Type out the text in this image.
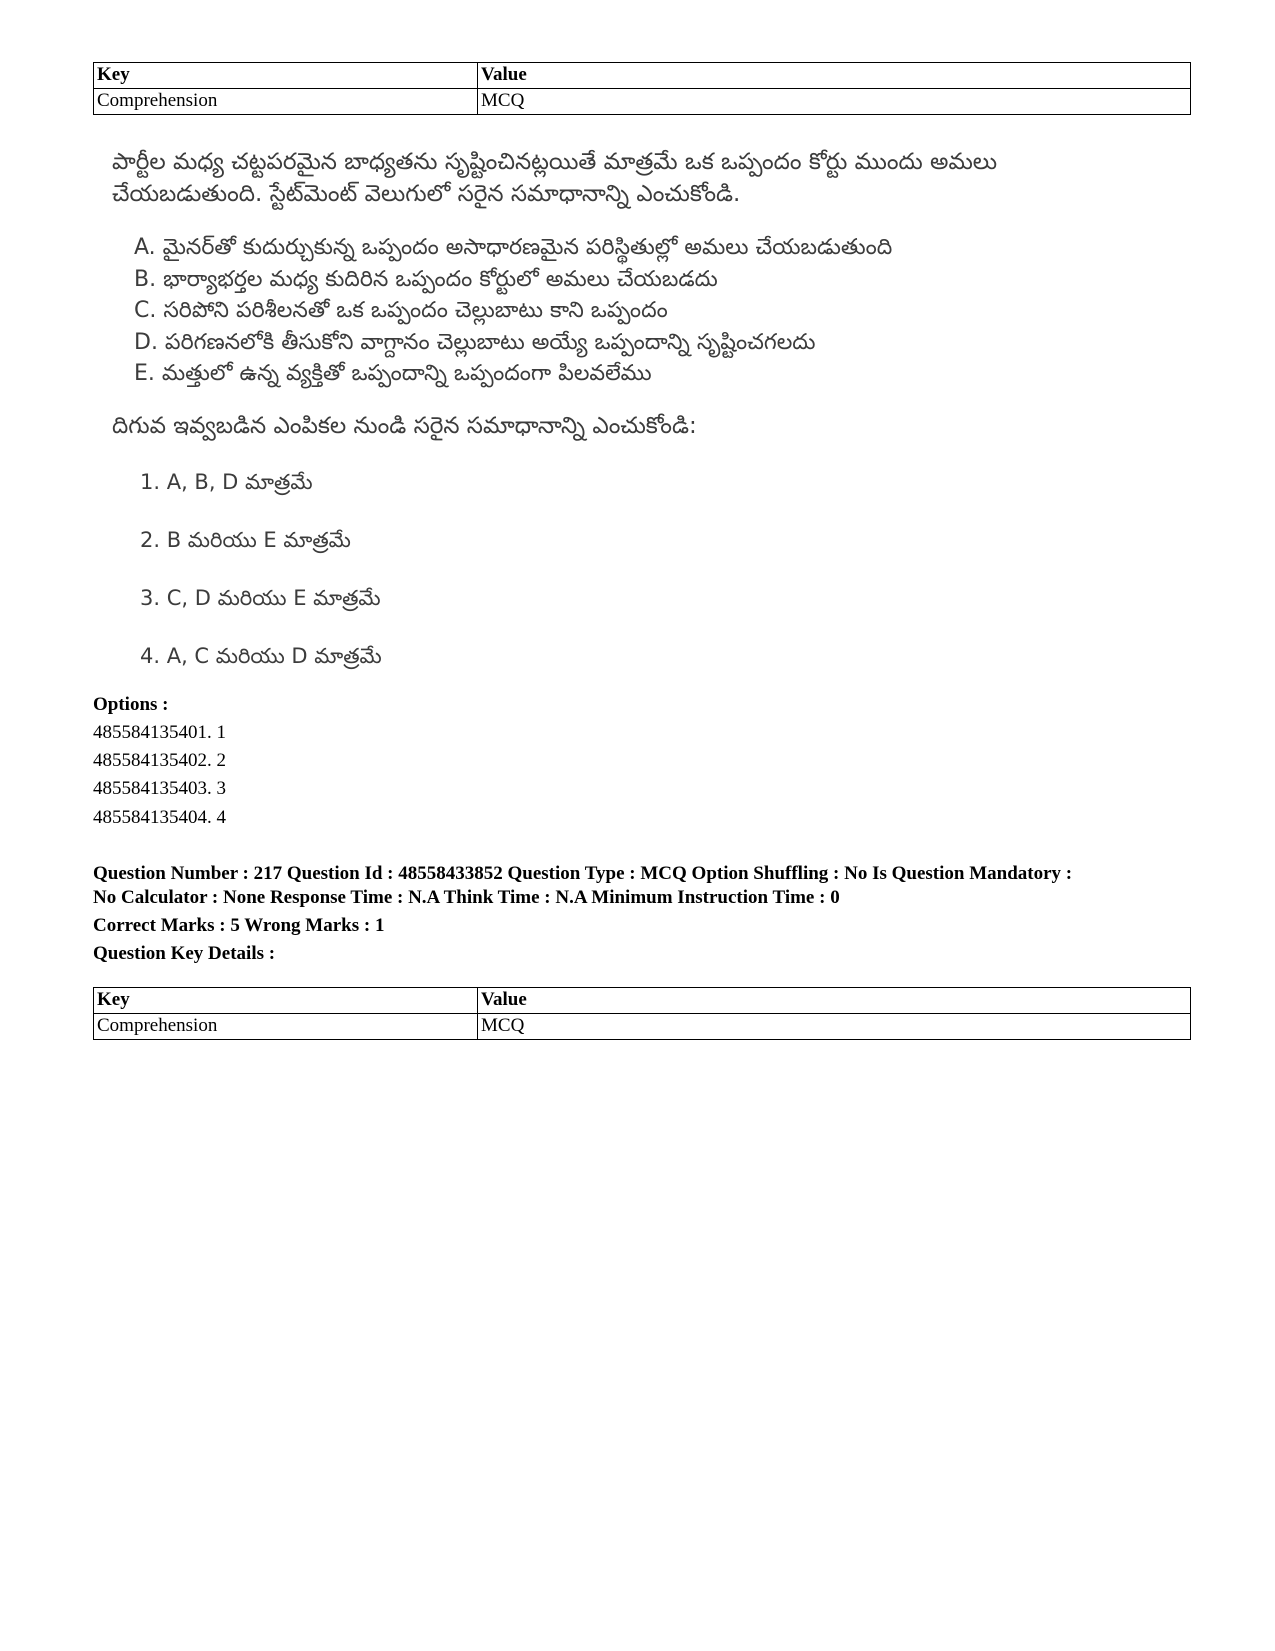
Key	Value
Comprehension	MCQ
పార్టీల మధ్య చట్టపరమైన బాధ్యతను సృష్టించినట్లయితే మాత్రమే ఒక ఒప్పందం కోర్టు ముందు అమలు చేయబడుతుంది. స్టేట్‌మెంట్ వెలుగులో సరైన సమాధానాన్ని ఎంచుకోండి.
A. మైనర్‌తో కుదుర్చుకున్న ఒప్పందం అసాధారణమైన పరిస్థితుల్లో అమలు చేయబడుతుంది
B. భార్యాభర్తల మధ్య కుదిరిన ఒప్పందం కోర్టులో అమలు చేయబడదు
C. సరిపోని పరిశీలనతో ఒక ఒప్పందం చెల్లుబాటు కాని ఒప్పందం
D. పరిగణనలోకి తీసుకోని వాగ్దానం చెల్లుబాటు అయ్యే ఒప్పందాన్ని సృష్టించగలదు
E. మత్తులో ఉన్న వ్యక్తితో ఒప్పందాన్ని ఒప్పందంగా పిలవలేము
దిగువ ఇవ్వబడిన ఎంపికల నుండి సరైన సమాధానాన్ని ఎంచుకోండి:
1. A, B, D మాత్రమే
2. B మరియు E మాత్రమే
3. C, D మరియు E మాత్రమే
4. A, C మరియు D మాత్రమే
Options :
485584135401. 1
485584135402. 2
485584135403. 3
485584135404. 4
Question Number : 217 Question Id : 48558433852 Question Type : MCQ Option Shuffling : No Is Question Mandatory :
No Calculator : None Response Time : N.A Think Time : N.A Minimum Instruction Time : 0
Correct Marks : 5 Wrong Marks : 1
Question Key Details :
Key	Value
Comprehension	MCQ
